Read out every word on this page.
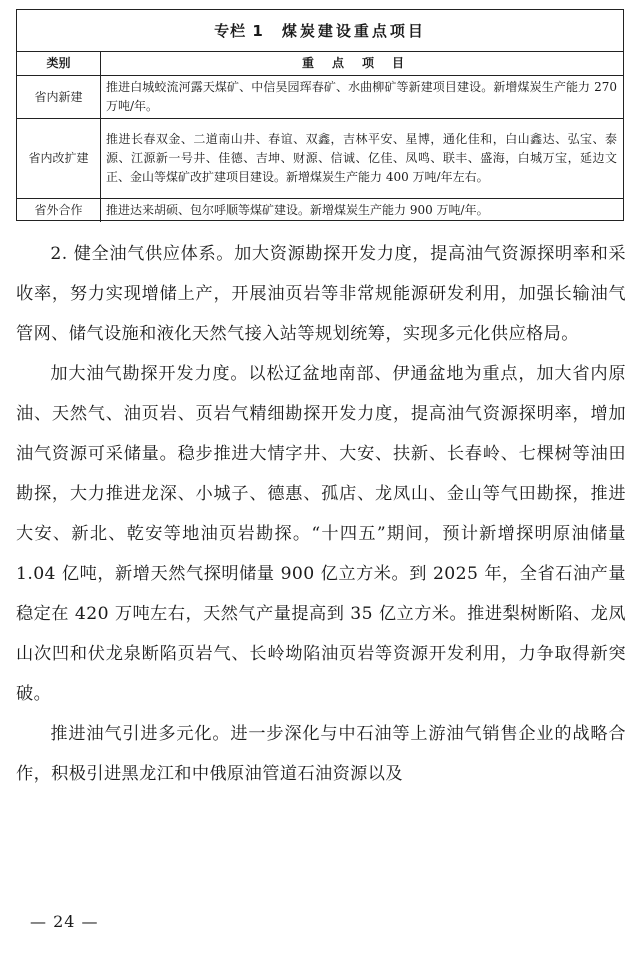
专栏 1 煤炭建设重点项目
类别	重点项目
省内新建	推进白城蛟流河露天煤矿、中信昊园珲春矿、水曲柳矿等新建项目建设。新增煤炭生产能力 270 万吨/年。
省内改扩建	推进长春双金、二道南山井、春谊、双鑫，吉林平安、星博，通化佳和，白山鑫达、弘宝、泰源、江源新一号井、佳德、吉坤、财源、信诚、亿佳、凤鸣、联丰、盛海，白城万宝，延边文正、金山等煤矿改扩建项目建设。新增煤炭生产能力 400 万吨/年左右。
省外合作	推进达来胡硕、包尔呼顺等煤矿建设。新增煤炭生产能力 900 万吨/年。

2. 健全油气供应体系。加大资源勘探开发力度，提高油气资源探明率和采收率，努力实现增储上产，开展油页岩等非常规能源研发利用，加强长输油气管网、储气设施和液化天然气接入站等规划统筹，实现多元化供应格局。

加大油气勘探开发力度。以松辽盆地南部、伊通盆地为重点，加大省内原油、天然气、油页岩、页岩气精细勘探开发力度，提高油气资源探明率，增加油气资源可采储量。稳步推进大情字井、大安、扶新、长春岭、七棵树等油田勘探，大力推进龙深、小城子、德惠、孤店、龙凤山、金山等气田勘探，推进大安、新北、乾安等地油页岩勘探。“十四五”期间，预计新增探明原油储量 1.04 亿吨，新增天然气探明储量 900 亿立方米。到 2025 年，全省石油产量稳定在 420 万吨左右，天然气产量提高到 35 亿立方米。推进梨树断陷、龙凤山次凹和伏龙泉断陷页岩气、长岭坳陷油页岩等资源开发利用，力争取得新突破。

推进油气引进多元化。进一步深化与中石油等上游油气销售企业的战略合作，积极引进黑龙江和中俄原油管道石油资源以及

— 24 —
